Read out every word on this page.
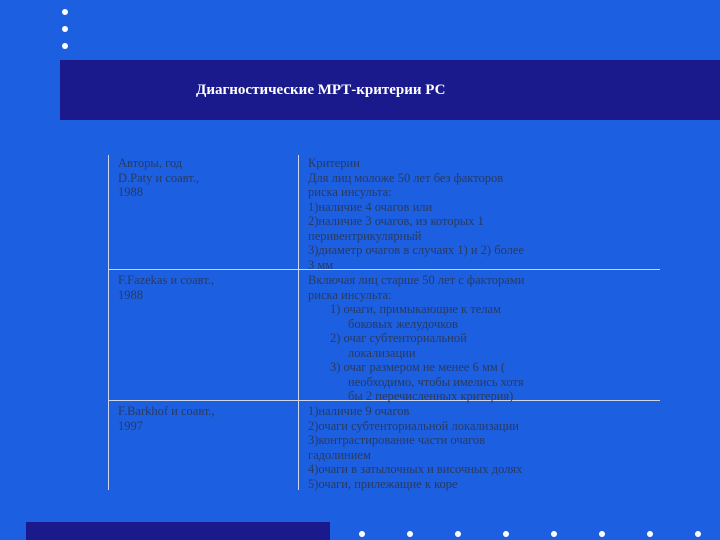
Диагностические МРТ-критерии РС
Авторы, год
D.Paty и соавт.,
1988
Критерии
Для лиц моложе 50 лет без факторов
риска инсульта:
1)наличие 4 очагов или
2)наличие 3 очагов, из которых 1
перивентрикулярный
3)диаметр очагов в случаях 1) и 2) более
3 мм
F.Fazekas и соавт.,
1988
Включая лиц старше 50 лет с факторами
риска инсульта:
1) очаги, примыкающие к телам
боковых желудочков
2) очаг субтенториальной
локализации
3) очаг размером не менее 6 мм (
необходимо, чтобы имелись хотя
бы 2 перечисленных критерия)
F.Barkhof и соавт.,
1997
1)наличие 9 очагов
2)очаги субтенториальной локализации
3)контрастирование части очагов
гадолинием
4)очаги в затылочных и височных долях
5)очаги, прилежащие к коре
